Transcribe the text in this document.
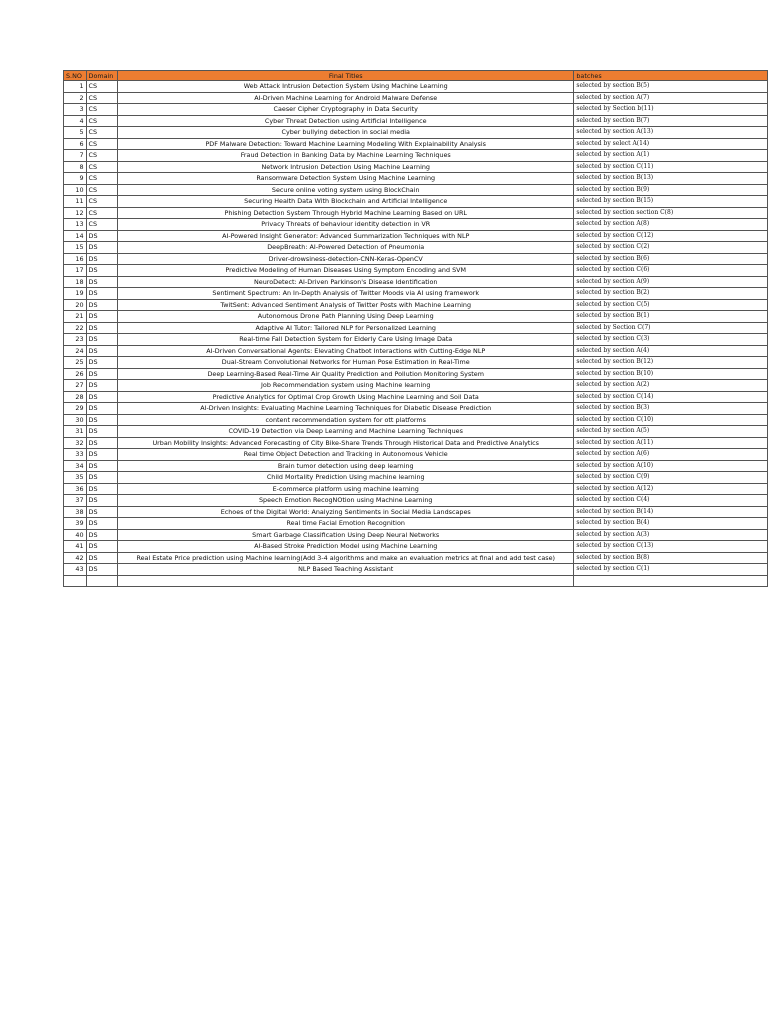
S.NO	Domain	Final Titles	batches
1	CS	Web Attack Intrusion Detection System Using Machine Learning	selected by section B(5)
2	CS	AI-Driven Machine Learning for Android Malware Defense	selected by section A(7)
3	CS	Caeser Cipher Cryptography in Data Security	selected by Section b(11)
4	CS	Cyber Threat Detection using Artificial Intelligence	selected by section B(7)
5	CS	Cyber bullying detection in social media	selected by section A(13)
6	CS	PDF Malware Detection: Toward Machine Learning Modeling With Explainability Analysis	selected by select A(14)
7	CS	Fraud Detection in Banking Data by Machine Learning Techniques	selected by section A(1)
8	CS	Network Intrusion Detection Using Machine Learning	selected by section C(11)
9	CS	Ransomware Detection System Using Machine Learning	selected by section B(13)
10	CS	Secure online voting system using BlockChain	selected by section B(9)
11	CS	Securing Health Data With Blockchain and Artificial Intelligence	selected by section B(15)
12	CS	Phishing Detection System Through Hybrid Machine Learning Based on URL	selected by section section C(8)
13	CS	Privacy Threats of behaviour identity detection in VR	selected by section A(8)
14	DS	AI-Powered Insight Generator: Advanced Summarization Techniques with NLP	selected by section C(12)
15	DS	DeepBreath: AI-Powered Detection of Pneumonia	selected by section C(2)
16	DS	Driver-drowsiness-detection-CNN-Keras-OpenCV	selected by section B(6)
17	DS	Predictive Modeling of Human Diseases Using Symptom Encoding and SVM	selected by section C(6)
18	DS	NeuroDetect: AI-Driven Parkinson's Disease Identification	selected by section A(9)
19	DS	Sentiment Spectrum: An In-Depth Analysis of Twitter Moods via AI using framework	selected by section B(2)
20	DS	TwitSent: Advanced Sentiment Analysis of Twitter Posts with Machine Learning	selected by section C(5)
21	DS	Autonomous Drone Path Planning Using Deep Learning	selected by section B(1)
22	DS	Adaptive AI Tutor: Tailored NLP for Personalized Learning	selected by Section C(7)
23	DS	Real-time Fall Detection System for Elderly Care Using Image Data	selected by section C(3)
24	DS	AI-Driven Conversational Agents: Elevating Chatbot Interactions with Cutting-Edge NLP	selected by section A(4)
25	DS	Dual-Stream Convolutional Networks for Human Pose Estimation in Real-Time	selected by section B(12)
26	DS	Deep Learning-Based Real-Time Air Quality Prediction and Pollution Monitoring System	selected by section B(10)
27	DS	Job Recommendation system using Machine learning	selected by section A(2)
28	DS	Predictive Analytics for Optimal Crop Growth Using Machine Learning and Soil Data	selected by section C(14)
29	DS	AI-Driven Insights: Evaluating Machine Learning Techniques for Diabetic Disease Prediction	selected by section B(3)
30	DS	content recommendation system for ott platforms	selected by section C(10)
31	DS	COVID-19 Detection via Deep Learning and Machine Learning Techniques	selected by section A(5)
32	DS	Urban Mobility Insights: Advanced Forecasting of City Bike-Share Trends Through Historical Data and Predictive Analytics	selected by section A(11)
33	DS	Real time Object Detection and Tracking in Autonomous Vehicle	selected by section A(6)
34	DS	Brain tumor detection using deep learning	selected by section A(10)
35	DS	Child Mortality Prediction Using machine learning	selected by section C(9)
36	DS	E-commerce platform using machine learning	selected by section A(12)
37	DS	Speech Emotion RecogNOtion using Machine Learning	selected by section C(4)
38	DS	Echoes of the Digital World: Analyzing Sentiments in Social Media Landscapes	selected by section B(14)
39	DS	Real time Facial Emotion Recognition	selected by section B(4)
40	DS	Smart Garbage Classification Using Deep Neural Networks	selected by section A(3)
41	DS	AI-Based Stroke Prediction Model using Machine Learning	selected by section C(13)
42	DS	Real Estate Price prediction using Machine learning(Add 3-4 algorithms and make an evaluation metrics at final and add test case)	selected by section B(8)
43	DS	NLP Based Teaching Assistant	selected by section C(1)
